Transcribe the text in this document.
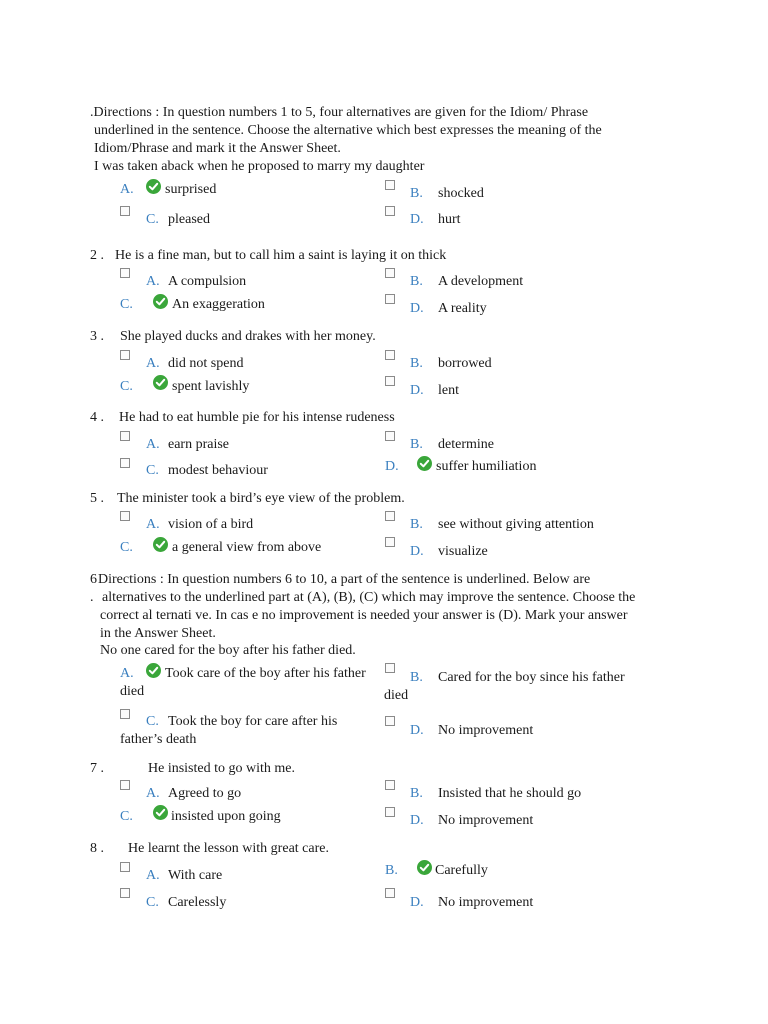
.Directions : In question numbers 1 to 5, four alternatives are given for the Idiom/ Phrase
underlined in the sentence. Choose the alternative which best expresses the meaning of the
Idiom/Phrase and mark it the Answer Sheet.
I was taken aback when he proposed to marry my daughter
A. surprised	B. shocked
C. pleased	D. hurt
2 . He is a fine man, but to call him a saint is laying it on thick
A. A compulsion	B. A development
C.	An exaggeration	D. A reality
3 . She played ducks and drakes with her money.
A. did not spend	B. borrowed
C.	spent lavishly	D. lent
4 . He had to eat humble pie for his intense rudeness
A. earn praise	B. determine
C. modest behaviour	D.	suffer humiliation
5 . The minister took a bird’s eye view of the problem.
A. vision of a bird	B. see without giving attention
C.	a general view from above	D. visualize
6
.
Directions : In question numbers 6 to 10, a part of the sentence is underlined. Below are
alternatives to the underlined part at (A), (B), (C) which may improve the sentence. Choose the
correct al ternati ve. In cas e no improvement is needed your answer is (D). Mark your answer
in the Answer Sheet.
No one cared for the boy after his father died.
A. Took care of the boy after his father
died
B. Cared for the boy since his father
died
C. Took the boy for care after his
father’s death
D. No improvement
7 .	He insisted to go with me.
A. Agreed to go	B. Insisted that he should go
C.	insisted upon going	D. No improvement
8 . He learnt the lesson with great care.
A. With care	B.	Carefully
C. Carelessly	D. No improvement
